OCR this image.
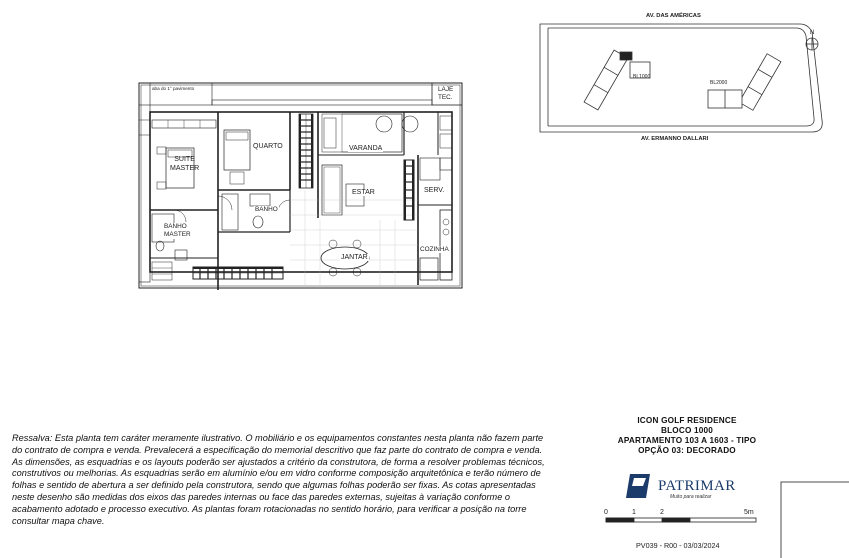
aba do 1° pavimento	LAJE
TEC.
SUITE
MASTER
QUARTO
BANHO
BANHO
MASTER
VARANDA
ESTAR	SERV.
COZINHA
JANTAR
AV. DAS AMÉRICAS
AV. ERMANNO DALLARI
BL1000
BL2000
N
Ressalva: Esta planta tem caráter meramente ilustrativo. O mobiliário e os equipamentos constantes nesta planta não fazem parte do contrato de compra e venda. Prevalecerá a especificação do memorial descritivo que faz parte do contrato de compra e venda. As dimensões, as esquadrias e os layouts poderão ser ajustados a critério da construtora, de forma a resolver problemas técnicos, construtivos ou melhorias. As esquadrias serão em alumínio e/ou em vidro conforme composição arquitetônica e terão número de folhas e sentido de abertura a ser definido pela construtora, sendo que algumas folhas poderão ser fixas. As cotas apresentadas neste desenho são medidas dos eixos das paredes internas ou face das paredes externas, sujeitas à variação conforme o acabamento adotado e processo executivo. As plantas foram rotacionadas no sentido horário, para verificar a posição na torre consultar mapa chave.
ICON GOLF RESIDENCE
BLOCO 1000
APARTAMENTO 103 A 1603 - TIPO
OPÇÃO 03: DECORADO
PATRIMAR
Muito para realizar
0	1	2	5m
PV039 - R00 - 03/03/2024
